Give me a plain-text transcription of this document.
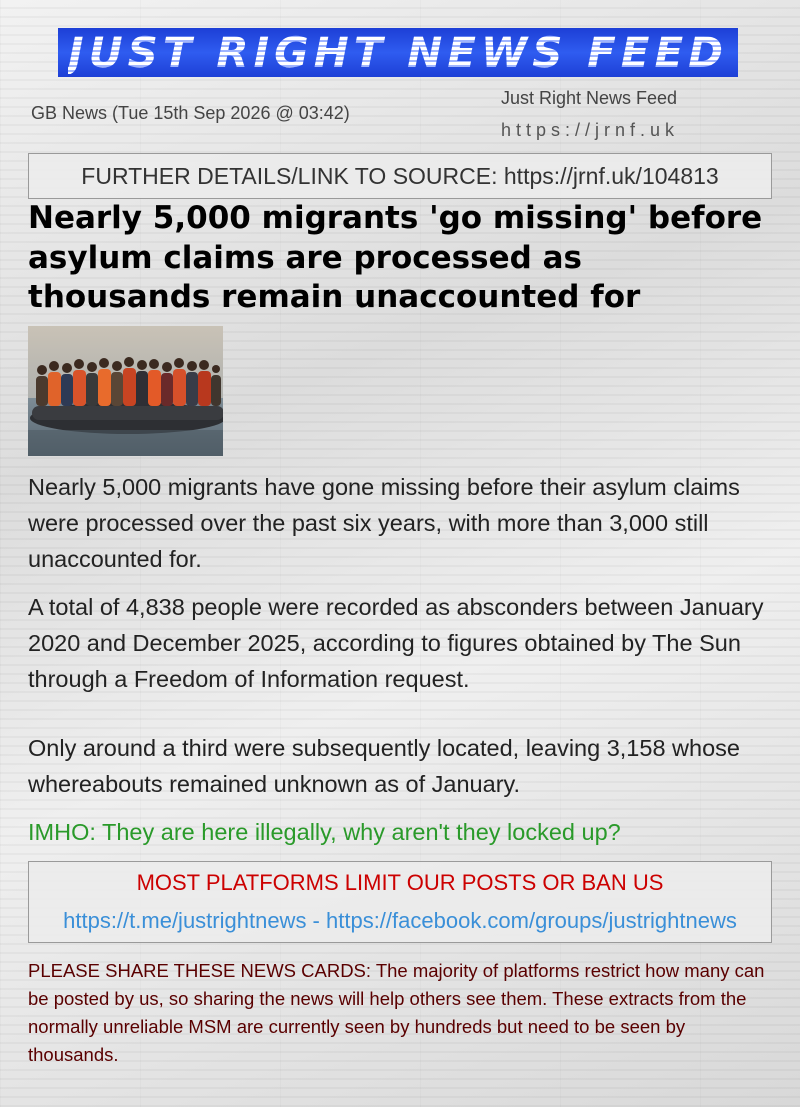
JUST RIGHT NEWS FEED
GB News (Tue 15th Sep 2026 @ 03:42)
Just Right News Feed
https://jrnf.uk
FURTHER DETAILS/LINK TO SOURCE: https://jrnf.uk/104813
Nearly 5,000 migrants 'go missing' before asylum claims are processed as thousands remain unaccounted for

Nearly 5,000 migrants have gone missing before their asylum claims were processed over the past six years, with more than 3,000 still unaccounted for.

A total of 4,838 people were recorded as absconders between January 2020 and December 2025, according to figures obtained by The Sun through a Freedom of Information request.

Only around a third were subsequently located, leaving 3,158 whose whereabouts remained unknown as of January.

IMHO: They are here illegally, why aren't they locked up?

MOST PLATFORMS LIMIT OUR POSTS OR BAN US
https://t.me/justrightnews - https://facebook.com/groups/justrightnews

PLEASE SHARE THESE NEWS CARDS: The majority of platforms restrict how many can be posted by us, so sharing the news will help others see them. These extracts from the normally unreliable MSM are currently seen by hundreds but need to be seen by thousands.
